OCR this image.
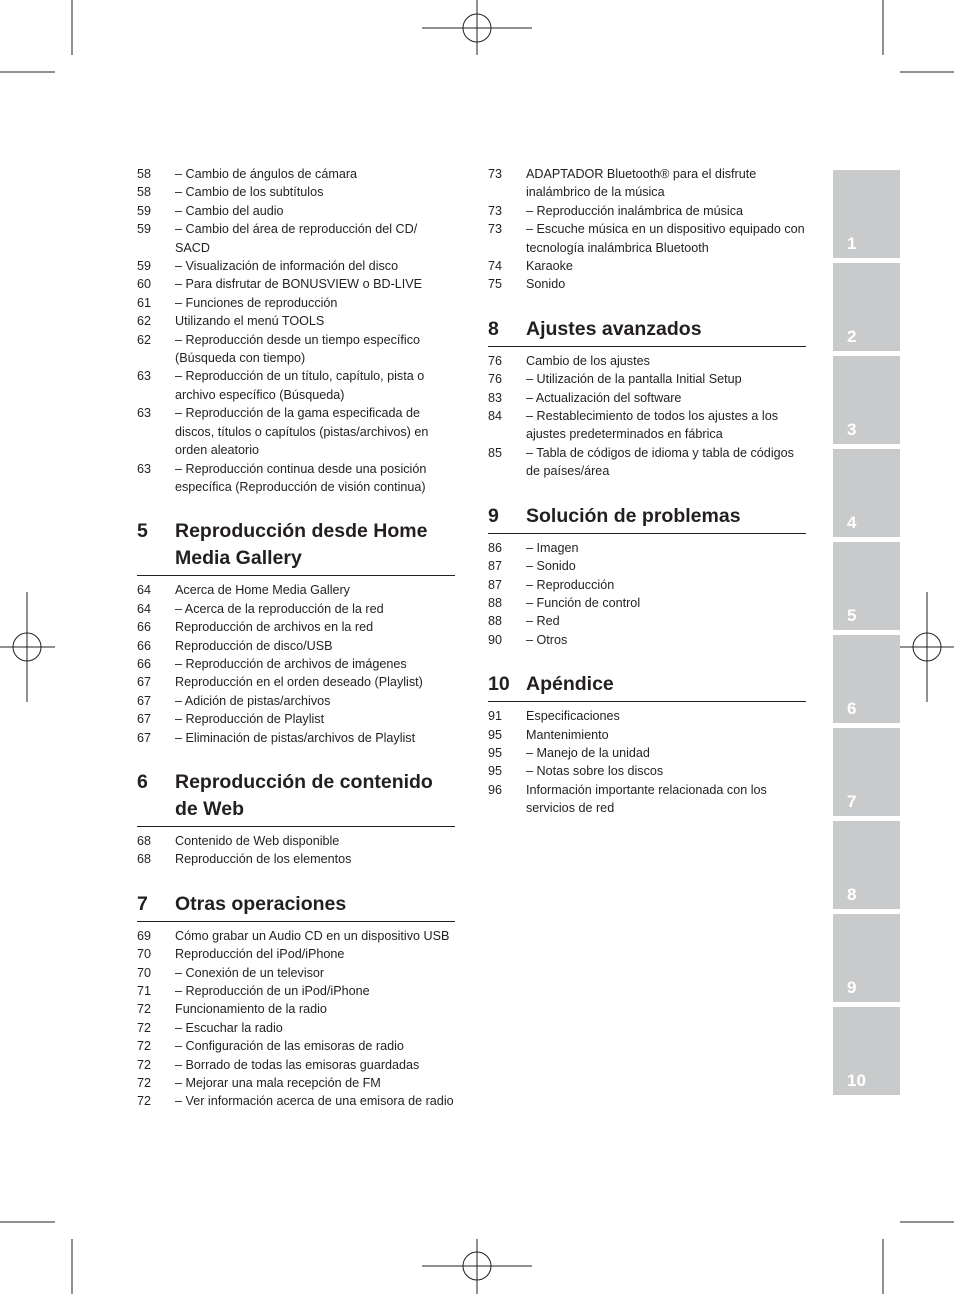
58	– Cambio de ángulos de cámara
58	– Cambio de los subtítulos
59	– Cambio del audio
59	– Cambio del área de reproducción del CD/ SACD
59	– Visualización de información del disco
60	– Para disfrutar de BONUSVIEW o BD-LIVE
61	– Funciones de reproducción
62	Utilizando el menú TOOLS
62	– Reproducción desde un tiempo específico (Búsqueda con tiempo)
63	– Reproducción de un título, capítulo, pista o archivo específico (Búsqueda)
63	– Reproducción de la gama especificada de discos, títulos o capítulos (pistas/archivos) en orden aleatorio
63	– Reproducción continua desde una posición específica (Reproducción de visión continua)
5	Reproducción desde Home Media Gallery
64	Acerca de Home Media Gallery
64	– Acerca de la reproducción de la red
66	Reproducción de archivos en la red
66	Reproducción de disco/USB
66	– Reproducción de archivos de imágenes
67	Reproducción en el orden deseado (Playlist)
67	– Adición de pistas/archivos
67	– Reproducción de Playlist
67	– Eliminación de pistas/archivos de Playlist
6	Reproducción de contenido de Web
68	Contenido de Web disponible
68	Reproducción de los elementos
7	Otras operaciones
69	Cómo grabar un Audio CD en un dispositivo USB
70	Reproducción del iPod/iPhone
70	– Conexión de un televisor
71	– Reproducción de un iPod/iPhone
72	Funcionamiento de la radio
72	– Escuchar la radio
72	– Configuración de las emisoras de radio
72	– Borrado de todas las emisoras guardadas
72	– Mejorar una mala recepción de FM
72	– Ver información acerca de una emisora de radio
73	ADAPTADOR Bluetooth® para el disfrute inalámbrico de la música
73	– Reproducción inalámbrica de música
73	– Escuche música en un dispositivo equipado con tecnología inalámbrica Bluetooth
74	Karaoke
75	Sonido
8	Ajustes avanzados
76	Cambio de los ajustes
76	– Utilización de la pantalla Initial Setup
83	– Actualización del software
84	– Restablecimiento de todos los ajustes a los ajustes predeterminados en fábrica
85	– Tabla de códigos de idioma y tabla de códigos de países/área
9	Solución de problemas
86	– Imagen
87	– Sonido
87	– Reproducción
88	– Función de control
88	– Red
90	– Otros
10 Apéndice
91	Especificaciones
95	Mantenimiento
95	– Manejo de la unidad
95	– Notas sobre los discos
96	Información importante relacionada con los servicios de red
1
2
3
4
5
6
7
8
9
10
